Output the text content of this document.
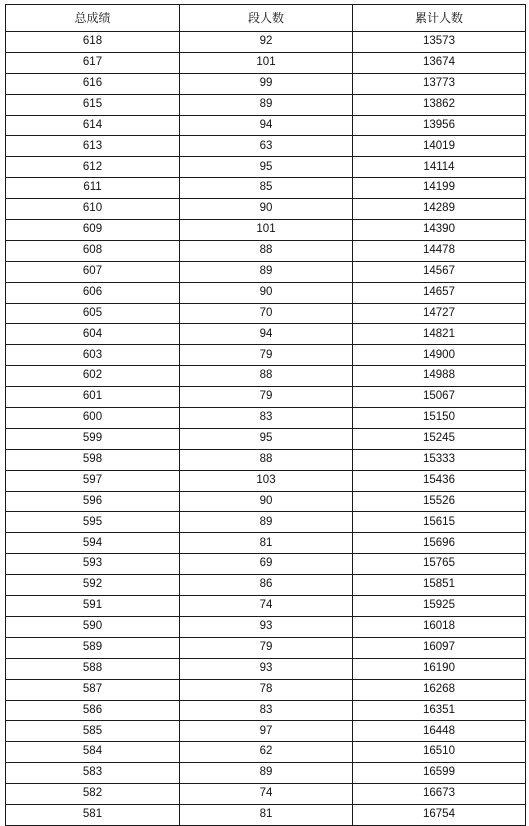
总成绩	段人数	累计人数
618	92	13573
617	101	13674
616	99	13773
615	89	13862
614	94	13956
613	63	14019
612	95	14114
611	85	14199
610	90	14289
609	101	14390
608	88	14478
607	89	14567
606	90	14657
605	70	14727
604	94	14821
603	79	14900
602	88	14988
601	79	15067
600	83	15150
599	95	15245
598	88	15333
597	103	15436
596	90	15526
595	89	15615
594	81	15696
593	69	15765
592	86	15851
591	74	15925
590	93	16018
589	79	16097
588	93	16190
587	78	16268
586	83	16351
585	97	16448
584	62	16510
583	89	16599
582	74	16673
581	81	16754
